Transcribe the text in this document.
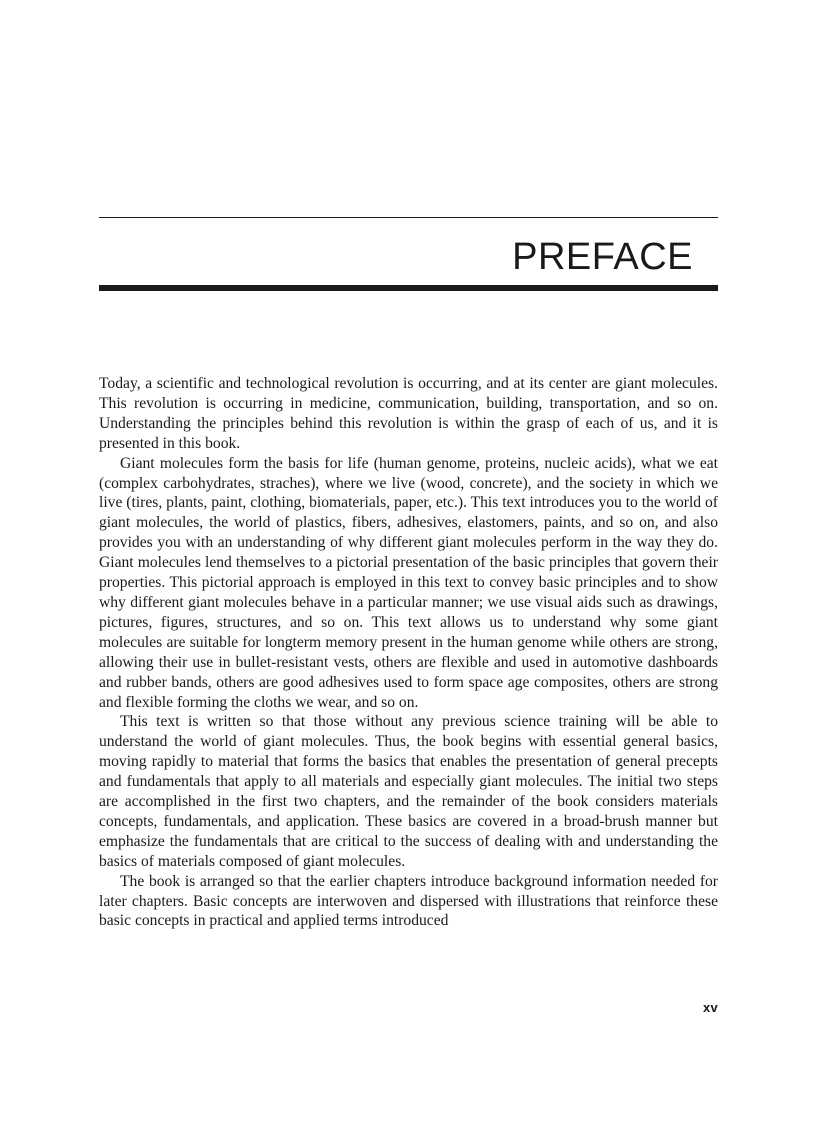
PREFACE

Today, a scientific and technological revolution is occurring, and at its center are giant molecules. This revolution is occurring in medicine, communication, building, transportation, and so on. Understanding the principles behind this revolution is within the grasp of each of us, and it is presented in this book.

Giant molecules form the basis for life (human genome, proteins, nucleic acids), what we eat (complex carbohydrates, straches), where we live (wood, concrete), and the society in which we live (tires, plants, paint, clothing, biomaterials, paper, etc.). This text introduces you to the world of giant molecules, the world of plastics, fibers, adhesives, elastomers, paints, and so on, and also provides you with an understanding of why different giant molecules perform in the way they do. Giant molecules lend themselves to a pictorial presentation of the basic principles that govern their properties. This pictorial approach is employed in this text to convey basic principles and to show why different giant molecules behave in a particular manner; we use visual aids such as drawings, pictures, figures, structures, and so on. This text allows us to understand why some giant molecules are suitable for longterm memory present in the human genome while others are strong, allowing their use in bullet-resistant vests, others are flexible and used in automotive dashboards and rubber bands, others are good adhesives used to form space age composites, others are strong and flexible forming the cloths we wear, and so on.

This text is written so that those without any previous science training will be able to understand the world of giant molecules. Thus, the book begins with essential general basics, moving rapidly to material that forms the basics that enables the presentation of general precepts and fundamentals that apply to all materials and especially giant molecules. The initial two steps are accomplished in the first two chapters, and the remainder of the book considers materials concepts, fundamentals, and application. These basics are covered in a broad-brush manner but emphasize the fundamentals that are critical to the success of dealing with and understanding the basics of materials composed of giant molecules.

The book is arranged so that the earlier chapters introduce background information needed for later chapters. Basic concepts are interwoven and dispersed with illustrations that reinforce these basic concepts in practical and applied terms introduced

xv
